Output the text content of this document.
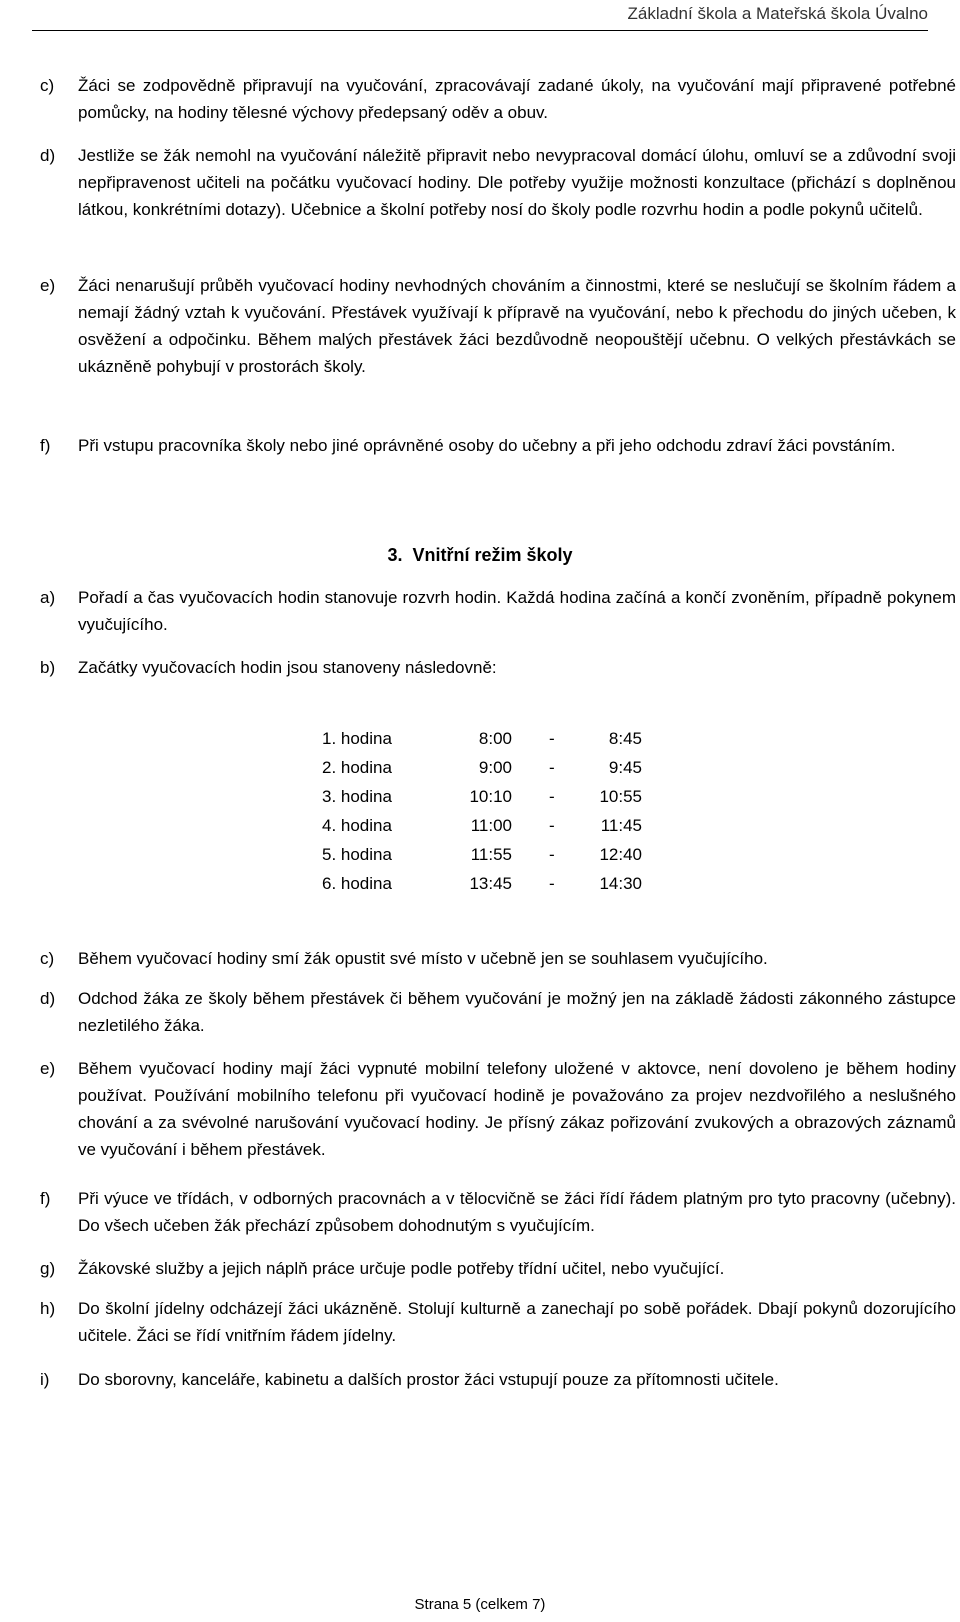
Základní škola a Mateřská škola Úvalno
c) Žáci se zodpovědně připravují na vyučování, zpracovávají zadané úkoly, na vyučování mají připravené potřebné pomůcky, na hodiny tělesné výchovy předepsaný oděv a obuv.
d) Jestliže se žák nemohl na vyučování náležitě připravit nebo nevypracoval domácí úlohu, omluví se a zdůvodní svoji nepřipravenost učiteli na počátku vyučovací hodiny. Dle potřeby využije možnosti konzultace (přichází s doplněnou látkou, konkrétními dotazy). Učebnice a školní potřeby nosí do školy podle rozvrhu hodin a podle pokynů učitelů.
e) Žáci nenarušují průběh vyučovací hodiny nevhodných chováním a činnostmi, které se neslučují se školním řádem a nemají žádný vztah k vyučování. Přestávek využívají k přípravě na vyučování, nebo k přechodu do jiných učeben, k osvěžení a odpočinku. Během malých přestávek žáci bezdůvodně neopouštějí učebnu. O velkých přestávkách se ukázněně pohybují v prostorách školy.
f) Při vstupu pracovníka školy nebo jiné oprávněné osoby do učebny a při jeho odchodu zdraví žáci povstáním.
3. Vnitřní režim školy
a) Pořadí a čas vyučovacích hodin stanovuje rozvrh hodin. Každá hodina začíná a končí zvoněním, případně pokynem vyučujícího.
b) Začátky vyučovacích hodin jsou stanoveny následovně:
1. hodina	8:00 -	8:45
2. hodina	9:00 -	9:45
3. hodina	10:10 -	10:55
4. hodina	11:00 -	11:45
5. hodina	11:55 -	12:40
6. hodina	13:45 -	14:30
c) Během vyučovací hodiny smí žák opustit své místo v učebně jen se souhlasem vyučujícího.
d) Odchod žáka ze školy během přestávek či během vyučování je možný jen na základě žádosti zákonného zástupce nezletilého žáka.
e) Během vyučovací hodiny mají žáci vypnuté mobilní telefony uložené v aktovce, není dovoleno je během hodiny používat. Používání mobilního telefonu při vyučovací hodině je považováno za projev nezdvořilého a neslušného chování a za svévolné narušování vyučovací hodiny. Je přísný zákaz pořizování zvukových a obrazových záznamů ve vyučování i během přestávek.
f) Při výuce ve třídách, v odborných pracovnách a v tělocvičně se žáci řídí řádem platným pro tyto pracovny (učebny). Do všech učeben žák přechází způsobem dohodnutým s vyučujícím.
g) Žákovské služby a jejich náplň práce určuje podle potřeby třídní učitel, nebo vyučující.
h) Do školní jídelny odcházejí žáci ukázněně. Stolují kulturně a zanechají po sobě pořádek. Dbají pokynů dozorujícího učitele. Žáci se řídí vnitřním řádem jídelny.
i) Do sborovny, kanceláře, kabinetu a dalších prostor žáci vstupují pouze za přítomnosti učitele.
Strana 5 (celkem 7)
